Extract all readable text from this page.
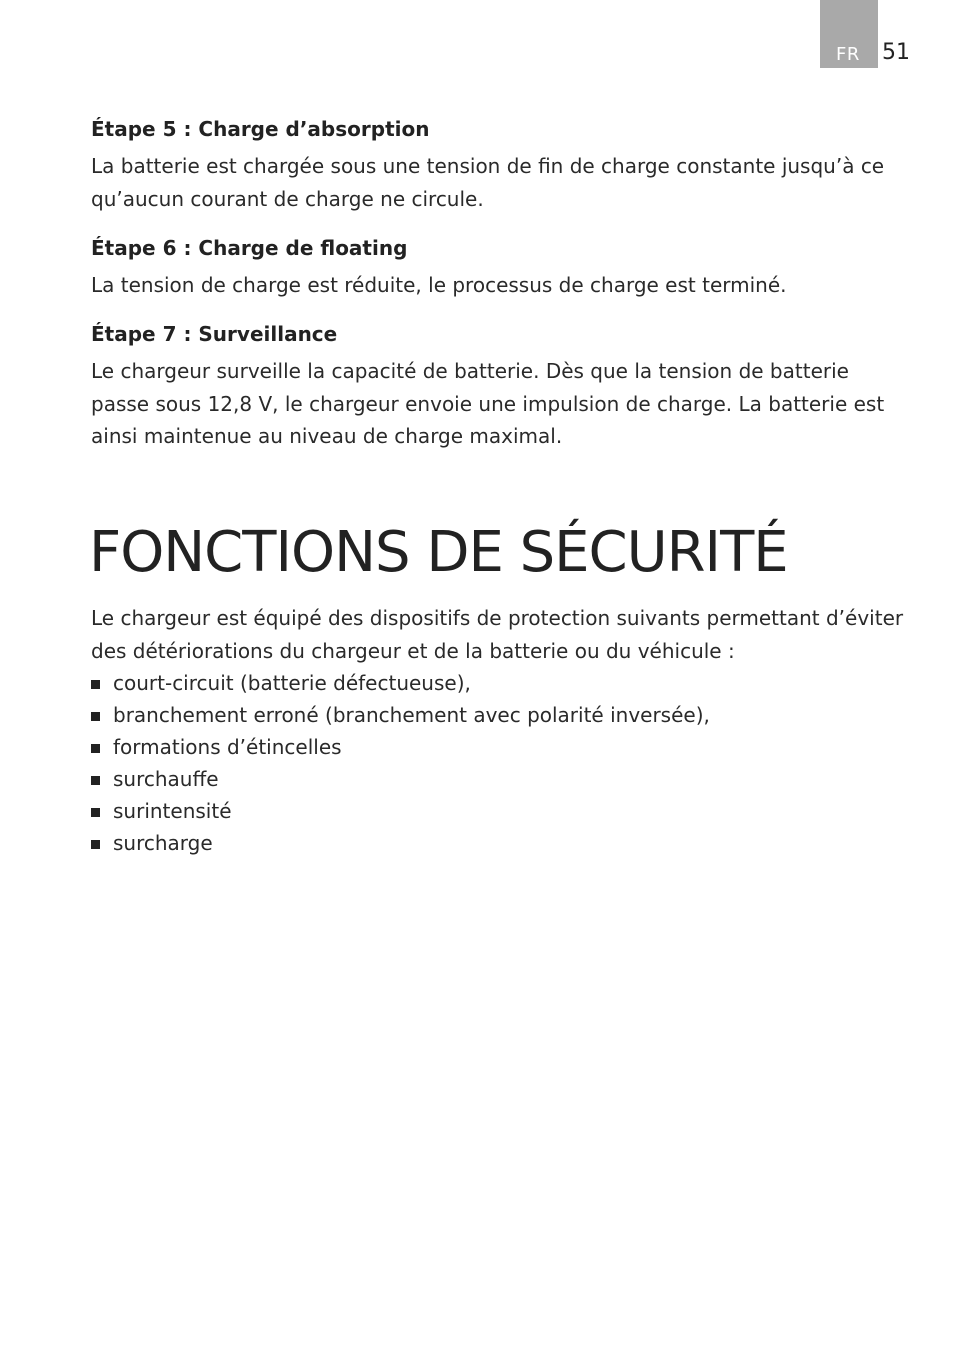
FR	51
Étape 5 : Charge d’absorption

La batterie est chargée sous une tension de fin de charge constante jusqu’à ce qu’aucun courant de charge ne circule.

Étape 6 : Charge de floating

La tension de charge est réduite, le processus de charge est terminé.

Étape 7 : Surveillance

Le chargeur surveille la capacité de batterie. Dès que la tension de batterie passe sous 12,8 V, le chargeur envoie une impulsion de charge. La batterie est ainsi maintenue au niveau de charge maximal.

FONCTIONS DE SÉCURITÉ

Le chargeur est équipé des dispositifs de protection suivants permettant d’éviter des détériorations du chargeur et de la batterie ou du véhicule :

court-circuit (batterie défectueuse),
branchement erroné (branchement avec polarité inversée),
formations d’étincelles
surchauffe
surintensité
surcharge
